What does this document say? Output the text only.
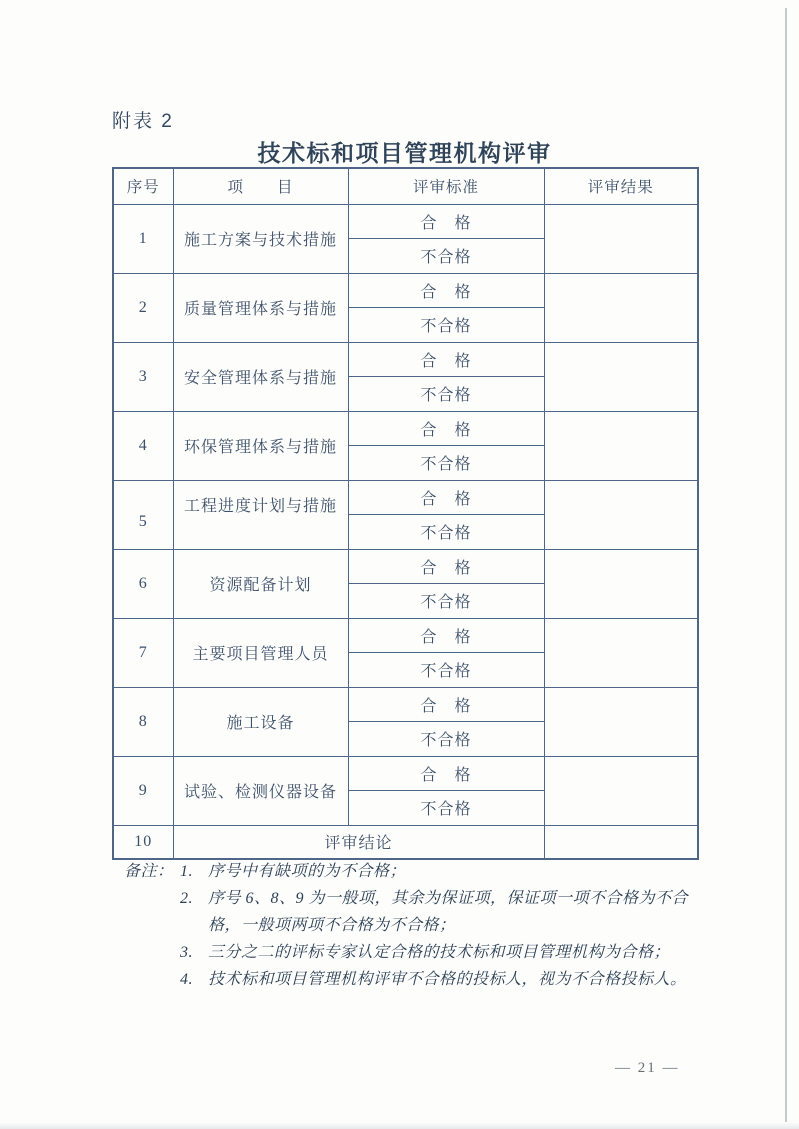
附表 2
技术标和项目管理机构评审
序号	项　　目	评审标准	评审结果
1	施工方案与技术措施	合　格	
		不合格	
2	质量管理体系与措施	合　格	
		不合格	
3	安全管理体系与措施	合　格	
		不合格	
4	环保管理体系与措施	合　格	
		不合格	
5	工程进度计划与措施	合　格	
		不合格	
6	资源配备计划	合　格	
		不合格	
7	主要项目管理人员	合　格	
		不合格	
8	施工设备	合　格	
		不合格	
9	试验、检测仪器设备	合　格	
		不合格	
10	评审结论		
备注： 1. 序号中有缺项的为不合格；
2. 序号 6、8、9 为一般项，其余为保证项，保证项一项不合格为不合
格，一般项两项不合格为不合格；
3. 三分之二的评标专家认定合格的技术标和项目管理机构为合格；
4. 技术标和项目管理机构评审不合格的投标人，视为不合格投标人。
— 21 —
